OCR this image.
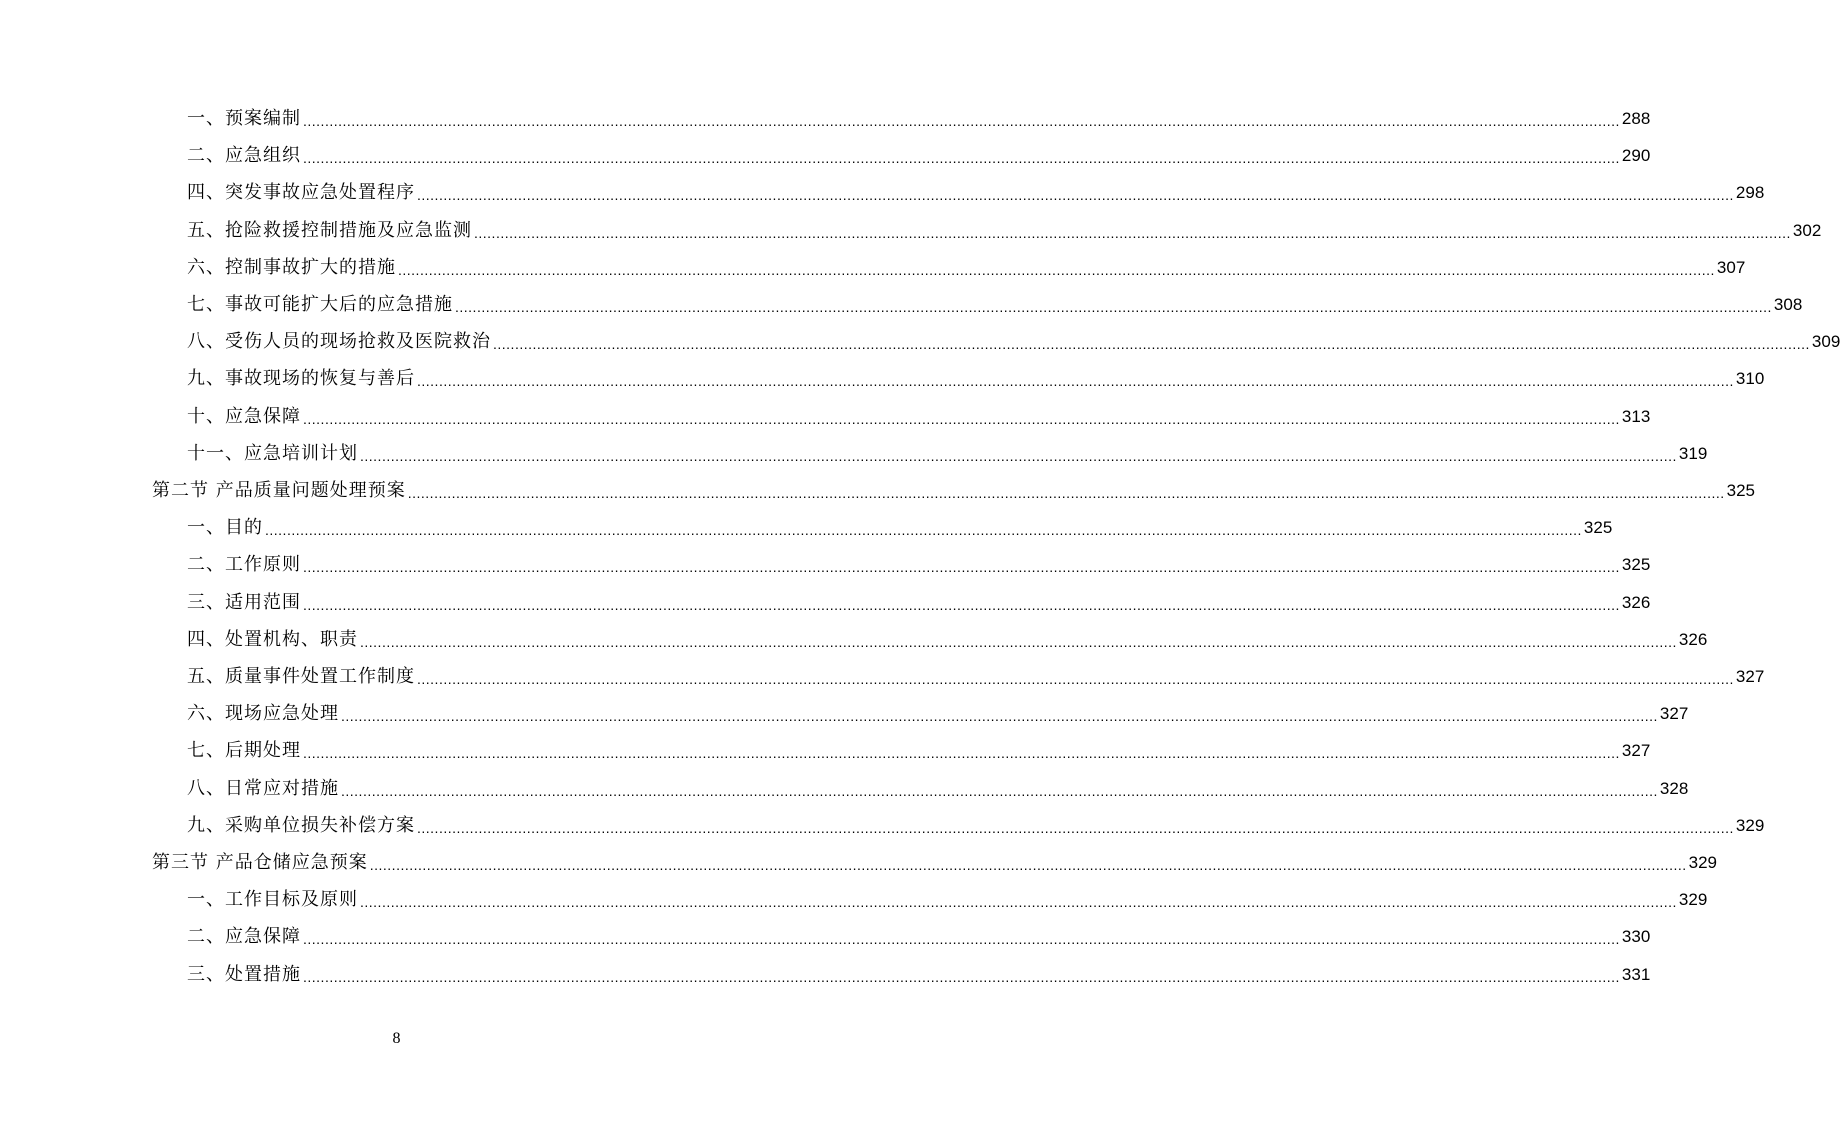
一、预案编制 ............................................................................................................................................................................................................................................................................................................ 288
二、应急组织 ............................................................................................................................................................................................................................................................................................................ 290
四、突发事故应急处置程序 ............................................................................................................................................................................................................................................................................................................ 298
五、抢险救援控制措施及应急监测 ............................................................................................................................................................................................................................................................................................................ 302
六、控制事故扩大的措施 ............................................................................................................................................................................................................................................................................................................ 307
七、事故可能扩大后的应急措施 ............................................................................................................................................................................................................................................................................................................ 308
八、受伤人员的现场抢救及医院救治 ............................................................................................................................................................................................................................................................................................................ 309
九、事故现场的恢复与善后 ............................................................................................................................................................................................................................................................................................................ 310
十、应急保障 ............................................................................................................................................................................................................................................................................................................ 313
十一、应急培训计划 ............................................................................................................................................................................................................................................................................................................ 319
第二节 产品质量问题处理预案 ............................................................................................................................................................................................................................................................................................................ 325
一、目的 ............................................................................................................................................................................................................................................................................................................ 325
二、工作原则 ............................................................................................................................................................................................................................................................................................................ 325
三、适用范围 ............................................................................................................................................................................................................................................................................................................ 326
四、处置机构、职责 ............................................................................................................................................................................................................................................................................................................ 326
五、质量事件处置工作制度 ............................................................................................................................................................................................................................................................................................................ 327
六、现场应急处理 ............................................................................................................................................................................................................................................................................................................ 327
七、后期处理 ............................................................................................................................................................................................................................................................................................................ 327
八、日常应对措施 ............................................................................................................................................................................................................................................................................................................ 328
九、采购单位损失补偿方案 ............................................................................................................................................................................................................................................................................................................ 329
第三节 产品仓储应急预案 ............................................................................................................................................................................................................................................................................................................ 329
一、工作目标及原则 ............................................................................................................................................................................................................................................................................................................ 329
二、应急保障 ............................................................................................................................................................................................................................................................................................................ 330
三、处置措施 ............................................................................................................................................................................................................................................................................................................ 331
8
